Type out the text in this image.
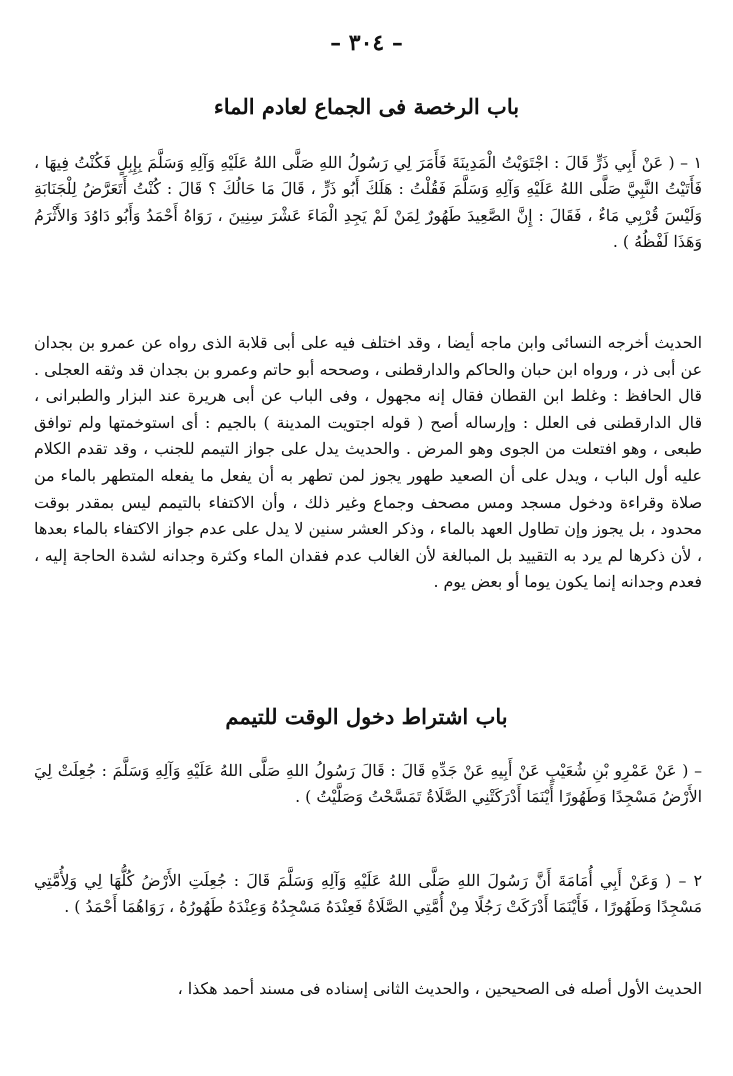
– ٣٠٤ –
باب الرخصة فى الجماع لعادم الماء

١ – ( عَنْ أَبِي ذَرٍّ قَالَ : اجْتَوَيْتُ الْمَدِينَةَ فَأَمَرَ لِي رَسُولُ اللهِ صَلَّى اللهُ عَلَيْهِ وَآلِهِ وَسَلَّمَ بِإِبِلٍ فَكُنْتُ فِيهَا ، فَأَتَيْتُ النَّبِيَّ صَلَّى اللهُ عَلَيْهِ وَآلِهِ وَسَلَّمَ فَقُلْتُ : هَلَكَ أَبُو ذَرٍّ ، قَالَ مَا حَالُكَ ؟ قَالَ : كُنْتُ أَتَعَرَّضُ لِلْجَنَابَةِ وَلَيْسَ قُرْبِي مَاءٌ ، فَقَالَ : إِنَّ الصَّعِيدَ طَهُورٌ لِمَنْ لَمْ يَجِدِ الْمَاءَ عَشْرَ سِنِينَ ، رَوَاهُ أَحْمَدُ وَأَبُو دَاوُدَ وَالأَثْرَمُ وَهَذَا لَفْظُهُ ) .

الحديث أخرجه النسائى وابن ماجه أيضا ، وقد اختلف فيه على أبى قلابة الذى رواه عن عمرو بن بجدان عن أبى ذر ، ورواه ابن حبان والحاكم والدارقطنى ، وصححه أبو حاتم وعمرو بن بجدان قد وثقه العجلى . قال الحافظ : وغلط ابن القطان فقال إنه مجهول ، وفى الباب عن أبى هريرة عند البزار والطبرانى ، قال الدارقطنى فى العلل : وإرساله أصح ( قوله اجتويت المدينة ) بالجيم : أى استوخمتها ولم توافق طبعى ، وهو افتعلت من الجوى وهو المرض . والحديث يدل على جواز التيمم للجنب ، وقد تقدم الكلام عليه أول الباب ، ويدل على أن الصعيد طهور يجوز لمن تطهر به أن يفعل ما يفعله المتطهر بالماء من صلاة وقراءة ودخول مسجد ومس مصحف وجماع وغير ذلك ، وأن الاكتفاء بالتيمم ليس بمقدر بوقت محدود ، بل يجوز وإن تطاول العهد بالماء ، وذكر العشر سنين لا يدل على عدم جواز الاكتفاء بالماء بعدها ، لأن ذكرها لم يرد به التقييد بل المبالغة لأن الغالب عدم فقدان الماء وكثرة وجدانه لشدة الحاجة إليه ، فعدم وجدانه إنما يكون يوما أو بعض يوم .

باب اشتراط دخول الوقت للتيمم

– ( عَنْ عَمْرِو بْنِ شُعَيْبٍ عَنْ أَبِيهِ عَنْ جَدِّهِ قَالَ : قَالَ رَسُولُ اللهِ صَلَّى اللهُ عَلَيْهِ وَآلِهِ وَسَلَّمَ : جُعِلَتْ لِيَ الأَرْضُ مَسْجِدًا وَطَهُورًا أَيْنَمَا أَدْرَكَتْنِي الصَّلَاةُ تَمَسَّحْتُ وَصَلَّيْتُ ) .

٢ – ( وَعَنْ أَبِي أُمَامَةَ أَنَّ رَسُولَ اللهِ صَلَّى اللهُ عَلَيْهِ وَآلِهِ وَسَلَّمَ قَالَ : جُعِلَتِ الأَرْضُ كُلُّهَا لِي وَلِأُمَّتِي مَسْجِدًا وَطَهُورًا ، فَأَيْنَمَا أَدْرَكَتْ رَجُلًا مِنْ أُمَّتِي الصَّلَاةُ فَعِنْدَهُ مَسْجِدُهُ وَعِنْدَهُ طَهُورُهُ ، رَوَاهُمَا أَحْمَدُ ) .

الحديث الأول أصله فى الصحيحين ، والحديث الثانى إسناده فى مسند أحمد هكذا ،
